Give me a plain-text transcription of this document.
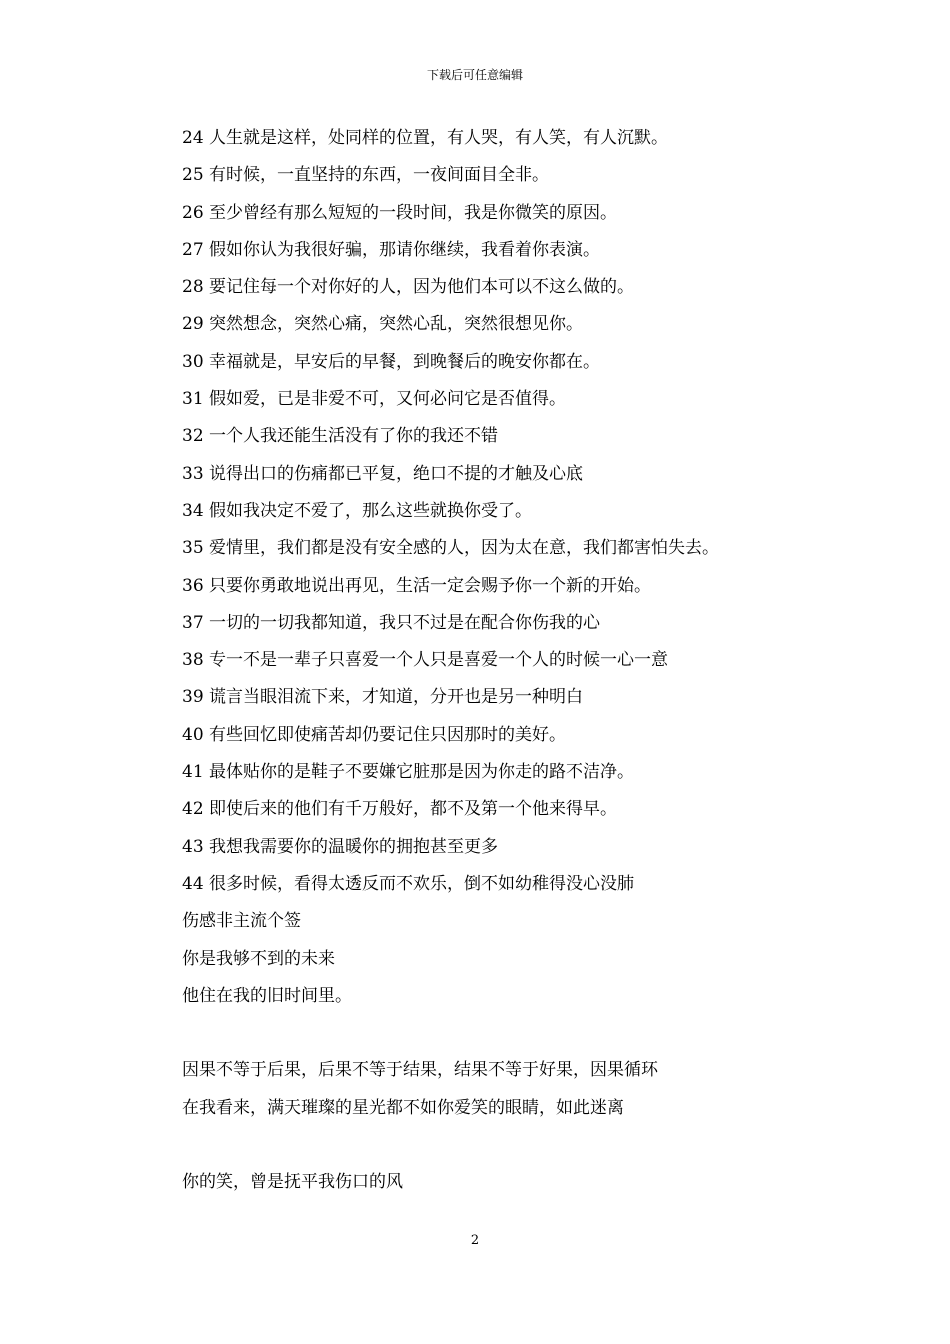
下载后可任意编辑
24 人生就是这样，处同样的位置，有人哭，有人笑，有人沉默。
25 有时候，一直坚持的东西，一夜间面目全非。
26 至少曾经有那么短短的一段时间，我是你微笑的原因。
27 假如你认为我很好骗，那请你继续，我看着你表演。
28 要记住每一个对你好的人，因为他们本可以不这么做的。
29 突然想念，突然心痛，突然心乱，突然很想见你。
30 幸福就是，早安后的早餐，到晚餐后的晚安你都在。
31 假如爱，已是非爱不可，又何必问它是否值得。
32 一个人我还能生活没有了你的我还不错
33 说得出口的伤痛都已平复，绝口不提的才触及心底
34 假如我决定不爱了，那么这些就换你受了。
35 爱情里，我们都是没有安全感的人，因为太在意，我们都害怕失去。
36 只要你勇敢地说出再见，生活一定会赐予你一个新的开始。
37 一切的一切我都知道，我只不过是在配合你伤我的心
38 专一不是一辈子只喜爱一个人只是喜爱一个人的时候一心一意
39 谎言当眼泪流下来，才知道，分开也是另一种明白
40 有些回忆即使痛苦却仍要记住只因那时的美好。
41 最体贴你的是鞋子不要嫌它脏那是因为你走的路不洁净。
42 即使后来的他们有千万般好，都不及第一个他来得早。
43 我想我需要你的温暖你的拥抱甚至更多
44 很多时候，看得太透反而不欢乐，倒不如幼稚得没心没肺
伤感非主流个签
你是我够不到的未来
他住在我的旧时间里。
因果不等于后果，后果不等于结果，结果不等于好果，因果循环
在我看来，满天璀璨的星光都不如你爱笑的眼睛，如此迷离
你的笑，曾是抚平我伤口的风
2
